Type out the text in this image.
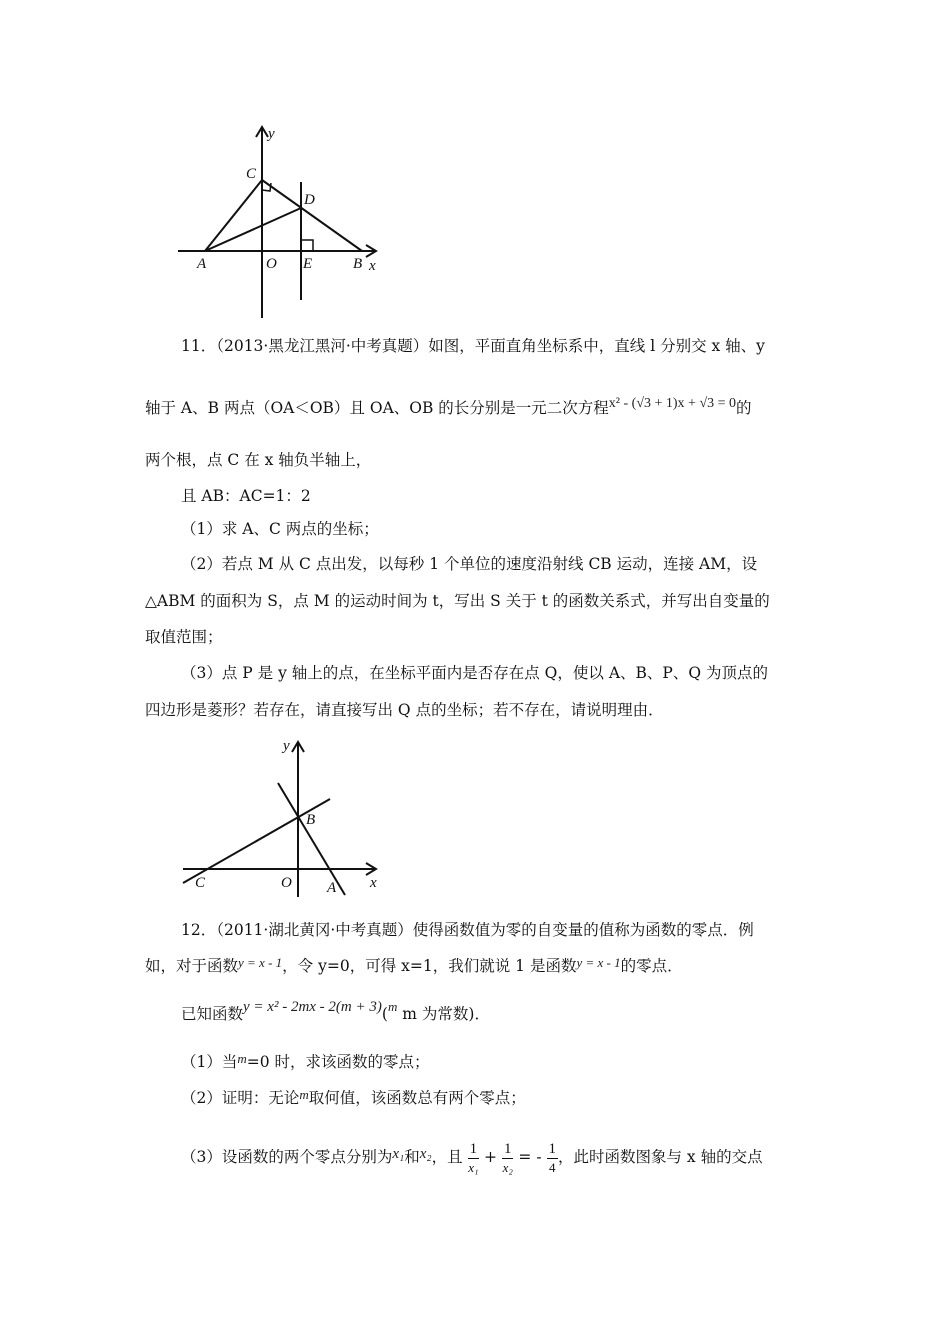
y
x
A	O E	B
C
D
11．（2013·黑龙江黑河·中考真题）如图，平面直角坐标系中，直线 l 分别交 x 轴、y
轴于 A、B 两点（OA＜OB）且 OA、OB 的长分别是一元二次方程x² - (√3 + 1)x + √3 = 0的
两个根，点 C 在 x 轴负半轴上，
且 AB：AC=1：2
（1）求 A、C 两点的坐标；
（2）若点 M 从 C 点出发，以每秒 1 个单位的速度沿射线 CB 运动，连接 AM，设
△ABM 的面积为 S，点 M 的运动时间为 t，写出 S 关于 t 的函数关系式，并写出自变量的
取值范围；
（3）点 P 是 y 轴上的点，在坐标平面内是否存在点 Q，使以 A、B、P、Q 为顶点的
四边形是菱形？若存在，请直接写出 Q 点的坐标；若不存在，请说明理由．
y
x
B
C	O A
12．（2011·湖北黄冈·中考真题）使得函数值为零的自变量的值称为函数的零点．例
如，对于函数$^{y = x - 1}$，令 y=0，可得 x=1，我们就说 1 是函数$^{y = x - 1}$的零点．
已知函数y = x² - 2mx - 2(m + 3)($^m$ m 为常数)．
（1）当$^m$=0 时，求该函数的零点；
（2）证明：无论$^m$取何值，该函数总有两个零点；
（3）设函数的两个零点分别为x₁和x₂，且 $\frac{1}{\text{x₁}} + \frac{1}{\text{x₂}}$ = - $\frac{1}{4}$ ，此时函数图象与 x 轴的交点
